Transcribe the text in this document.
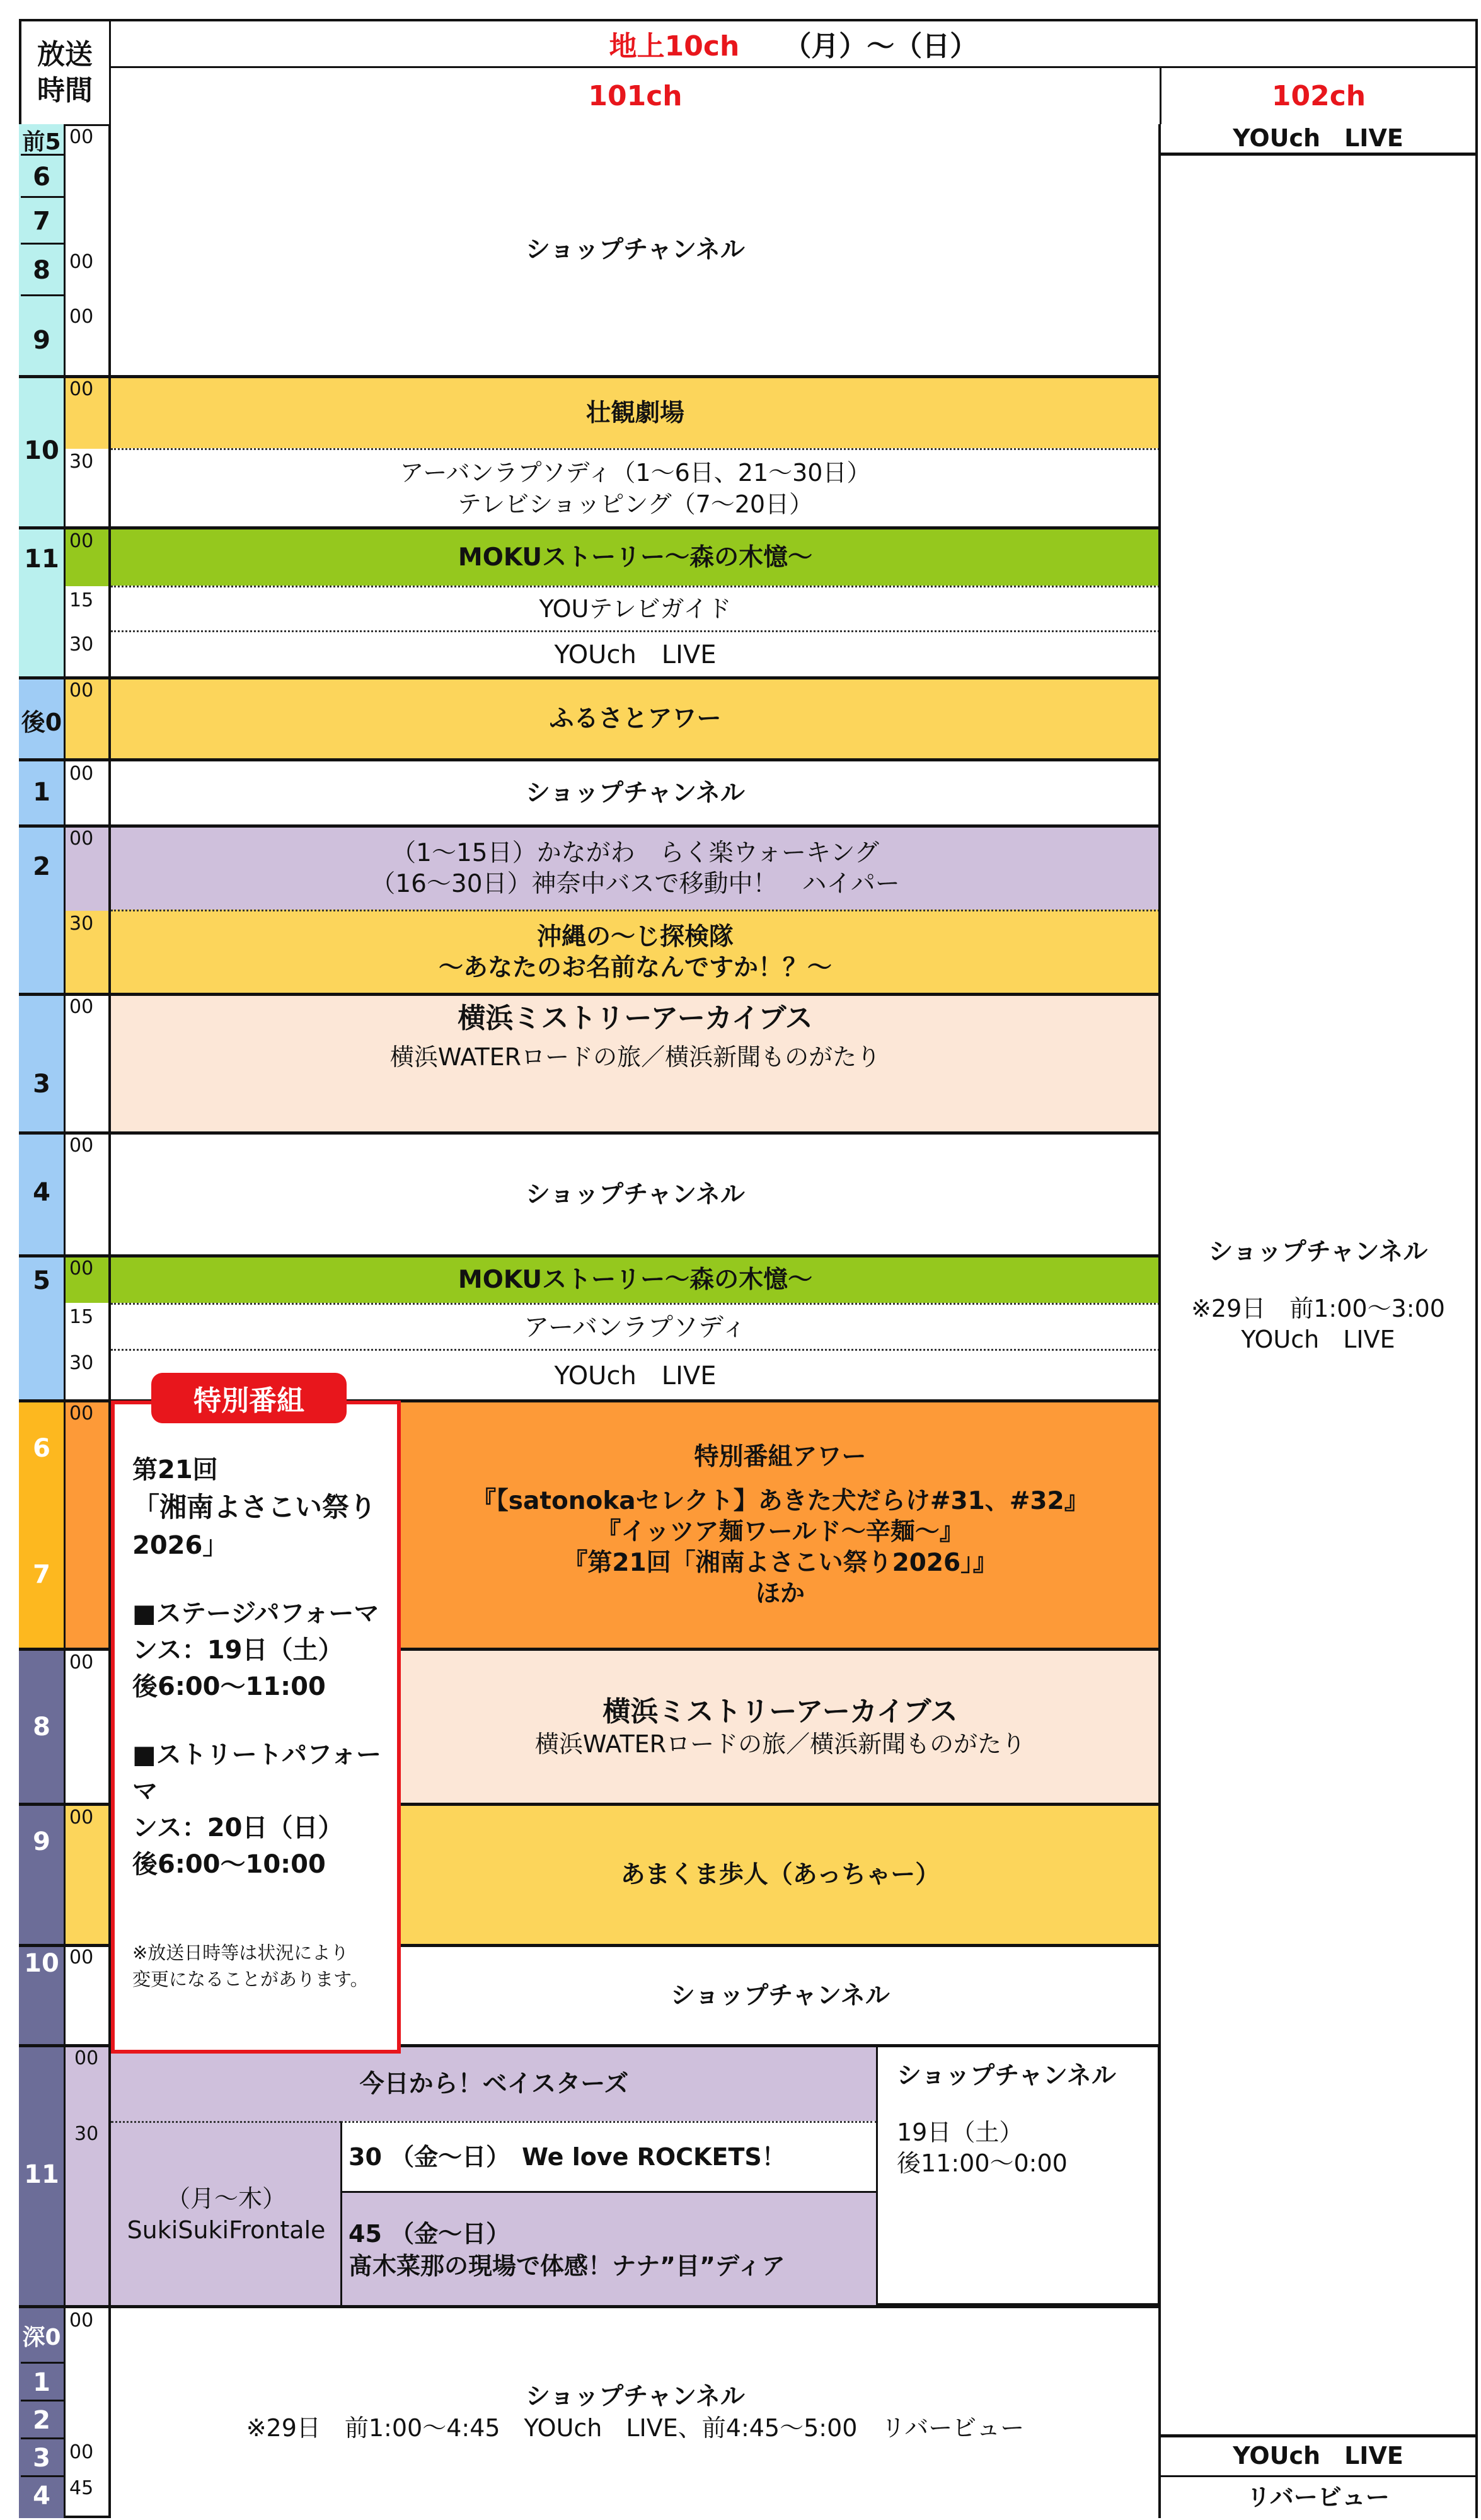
放送
時間
地上10ch （月）～（日）
101ch	102ch
前5
6
7
8
9
10
11
後0
1
2
3
4
5
6
7
8
9
10
11
深0
1
2
3
4
00
00
00
00
30
00
15
30
00
00
00
30
00
00
00
15
30
00
00
00
00
00
30
00
00
45
ショップチャンネル
壮観劇場
アーバンラプソディ（1～6日、21～30日）
テレビショッピング（7～20日）
MOKUストーリー～森の木憶～
YOUテレビガイド
YOUch　LIVE
ふるさとアワー
ショップチャンネル
（1～15日）かながわ　らく楽ウォーキング
（16～30日）神奈中バスで移動中！　ハイパー
沖縄の～じ探検隊
～あなたのお名前なんですか！？～
横浜ミストリーアーカイブス
横浜WATERロードの旅／横浜新聞ものがたり
ショップチャンネル
MOKUストーリー～森の木憶～
アーバンラプソディ
YOUch　LIVE
特別番組アワー
『【satonokaセレクト】あきた犬だらけ#31、#32』
『イッツア麺ワールド～辛麺～』
『第21回「湘南よさこい祭り2026」』
ほか
横浜ミストリーアーカイブス
横浜WATERロードの旅／横浜新聞ものがたり
あまくま歩人（あっちゃー）
ショップチャンネル
今日から！ベイスターズ
（月～木）
SukiSukiFrontale
30 （金～日）　We love ROCKETS！
45 （金～日）
髙木菜那の現場で体感！ナナ”目”ディア
ショップチャンネル
19日（土）
後11:00～0:00
ショップチャンネル
※29日　前1:00～4:45　YOUch　LIVE、前4:45～5:00　リバービュー
YOUch　LIVE
ショップチャンネル
※29日　前1:00～3:00
YOUch　LIVE
YOUch　LIVE
リバービュー
第21回
「湘南よさこい祭り
2026」
■ステージパフォーマ
ンス：19日（土）
後6:00～11:00
■ストリートパフォーマ
ンス：20日（日）
後6:00～10:00
※放送日時等は状況により
変更になることがあります。
特別番組
